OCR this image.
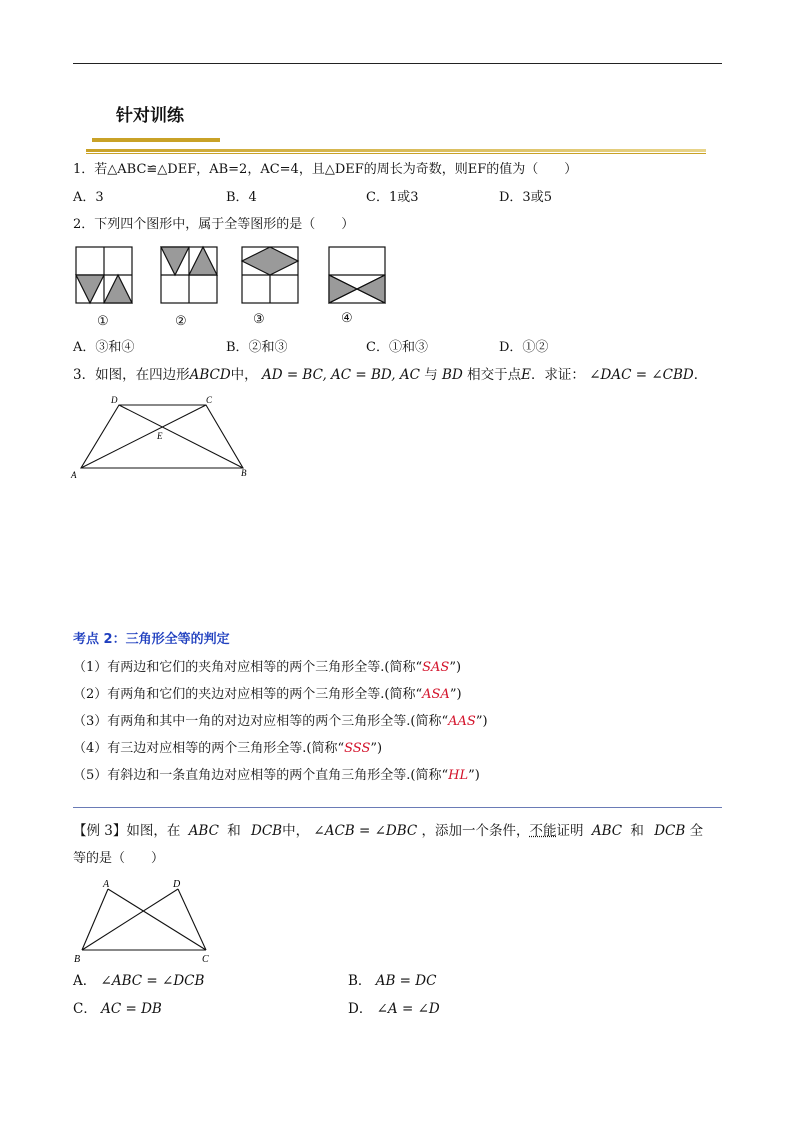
针对训练
1．若△ABC≌△DEF，AB=2，AC=4，且△DEF的周长为奇数，则EF的值为（　　）
A．3	B．4	C．1或3	D．3或5
2．下列四个图形中，属于全等图形的是（　　）
①	②	③	④
A．③和④	B．②和③	C．①和③	D．①②
3．如图，在四边形ABCD中， AD = BC, AC = BD, AC 与 BD 相交于点E．求证： ∠DAC = ∠CBD．
A	B
C
D
E
考点 2：三角形全等的判定
（1）有两边和它们的夹角对应相等的两个三角形全等.(简称“SAS”)
（2）有两角和它们的夹边对应相等的两个三角形全等.(简称“ASA”)
（3）有两角和其中一角的对边对应相等的两个三角形全等.(简称“AAS”)
（4）有三边对应相等的两个三角形全等.(简称“SSS”)
（5）有斜边和一条直角边对应相等的两个直角三角形全等.(简称“HL”)
【例 3】如图，在 ABC 和 DCB中， ∠ACB = ∠DBC ，添加一个条件，不能证明 ABC 和 DCB 全
等的是（　　）
A	D
B	C
A． ∠ABC = ∠DCB	B． AB = DC
C． AC = DB	D． ∠A = ∠D
